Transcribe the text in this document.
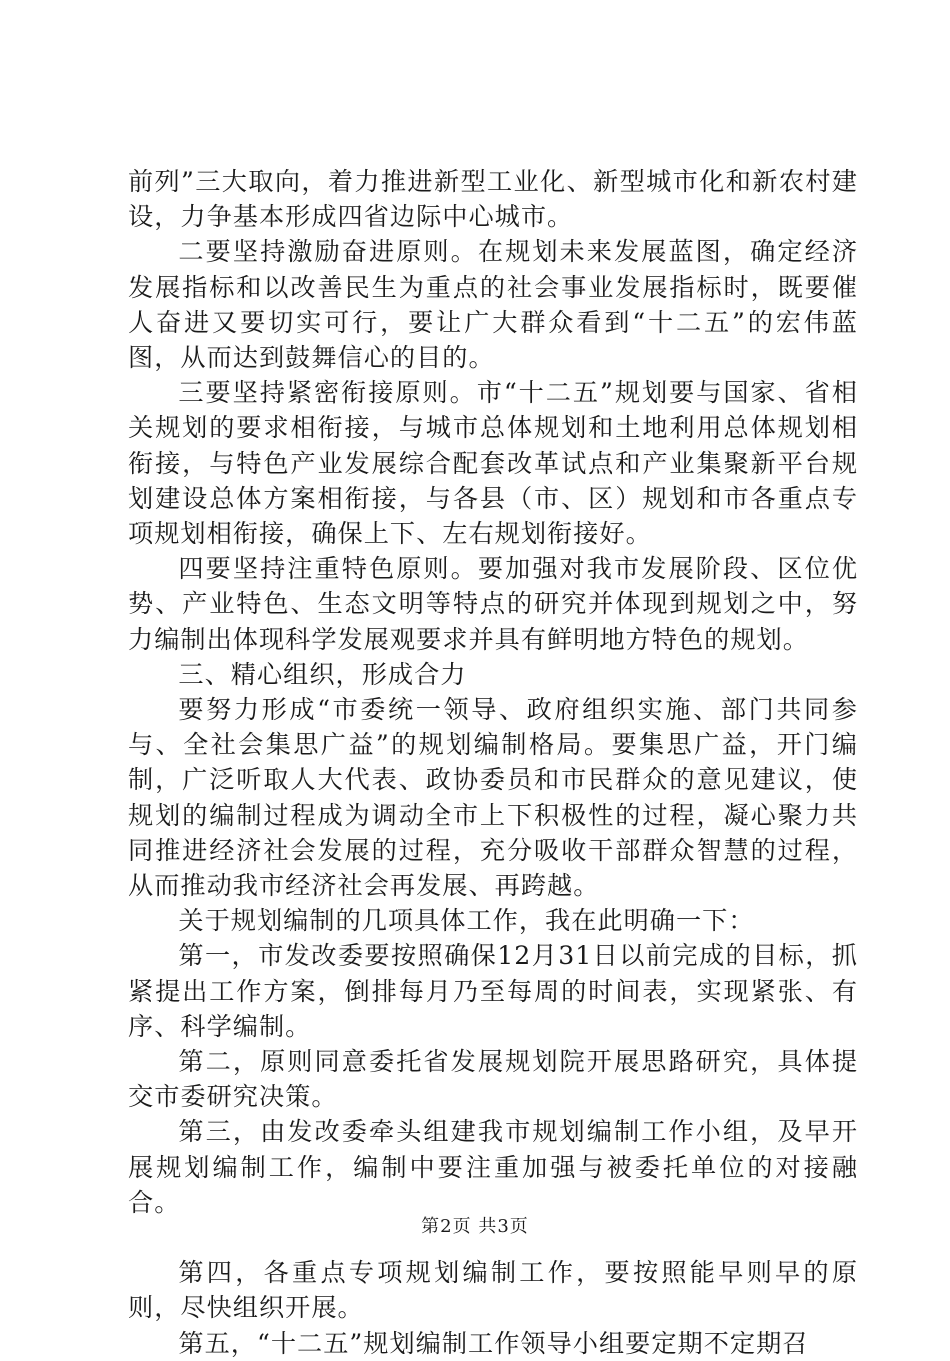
前列”三大取向，着力推进新型工业化、新型城市化和新农村建设，力争基本形成四省边际中心城市。

二要坚持激励奋进原则。在规划未来发展蓝图，确定经济发展指标和以改善民生为重点的社会事业发展指标时，既要催人奋进又要切实可行，要让广大群众看到“十二五”的宏伟蓝图，从而达到鼓舞信心的目的。

三要坚持紧密衔接原则。市“十二五”规划要与国家、省相关规划的要求相衔接，与城市总体规划和土地利用总体规划相衔接，与特色产业发展综合配套改革试点和产业集聚新平台规划建设总体方案相衔接，与各县（市、区）规划和市各重点专项规划相衔接，确保上下、左右规划衔接好。

四要坚持注重特色原则。要加强对我市发展阶段、区位优势、产业特色、生态文明等特点的研究并体现到规划之中，努力编制出体现科学发展观要求并具有鲜明地方特色的规划。

三、精心组织，形成合力

要努力形成“市委统一领导、政府组织实施、部门共同参与、全社会集思广益”的规划编制格局。要集思广益，开门编制，广泛听取人大代表、政协委员和市民群众的意见建议，使规划的编制过程成为调动全市上下积极性的过程，凝心聚力共同推进经济社会发展的过程，充分吸收干部群众智慧的过程，从而推动我市经济社会再发展、再跨越。

关于规划编制的几项具体工作，我在此明确一下：

第一，市发改委要按照确保12月31日以前完成的目标，抓紧提出工作方案，倒排每月乃至每周的时间表，实现紧张、有序、科学编制。

第二，原则同意委托省发展规划院开展思路研究，具体提交市委研究决策。

第三，由发改委牵头组建我市规划编制工作小组，及早开展规划编制工作，编制中要注重加强与被委托单位的对接融合。

第四，各重点专项规划编制工作，要按照能早则早的原则，尽快组织开展。

第五，“十二五”规划编制工作领导小组要定期不定期召

第2页 共3页
